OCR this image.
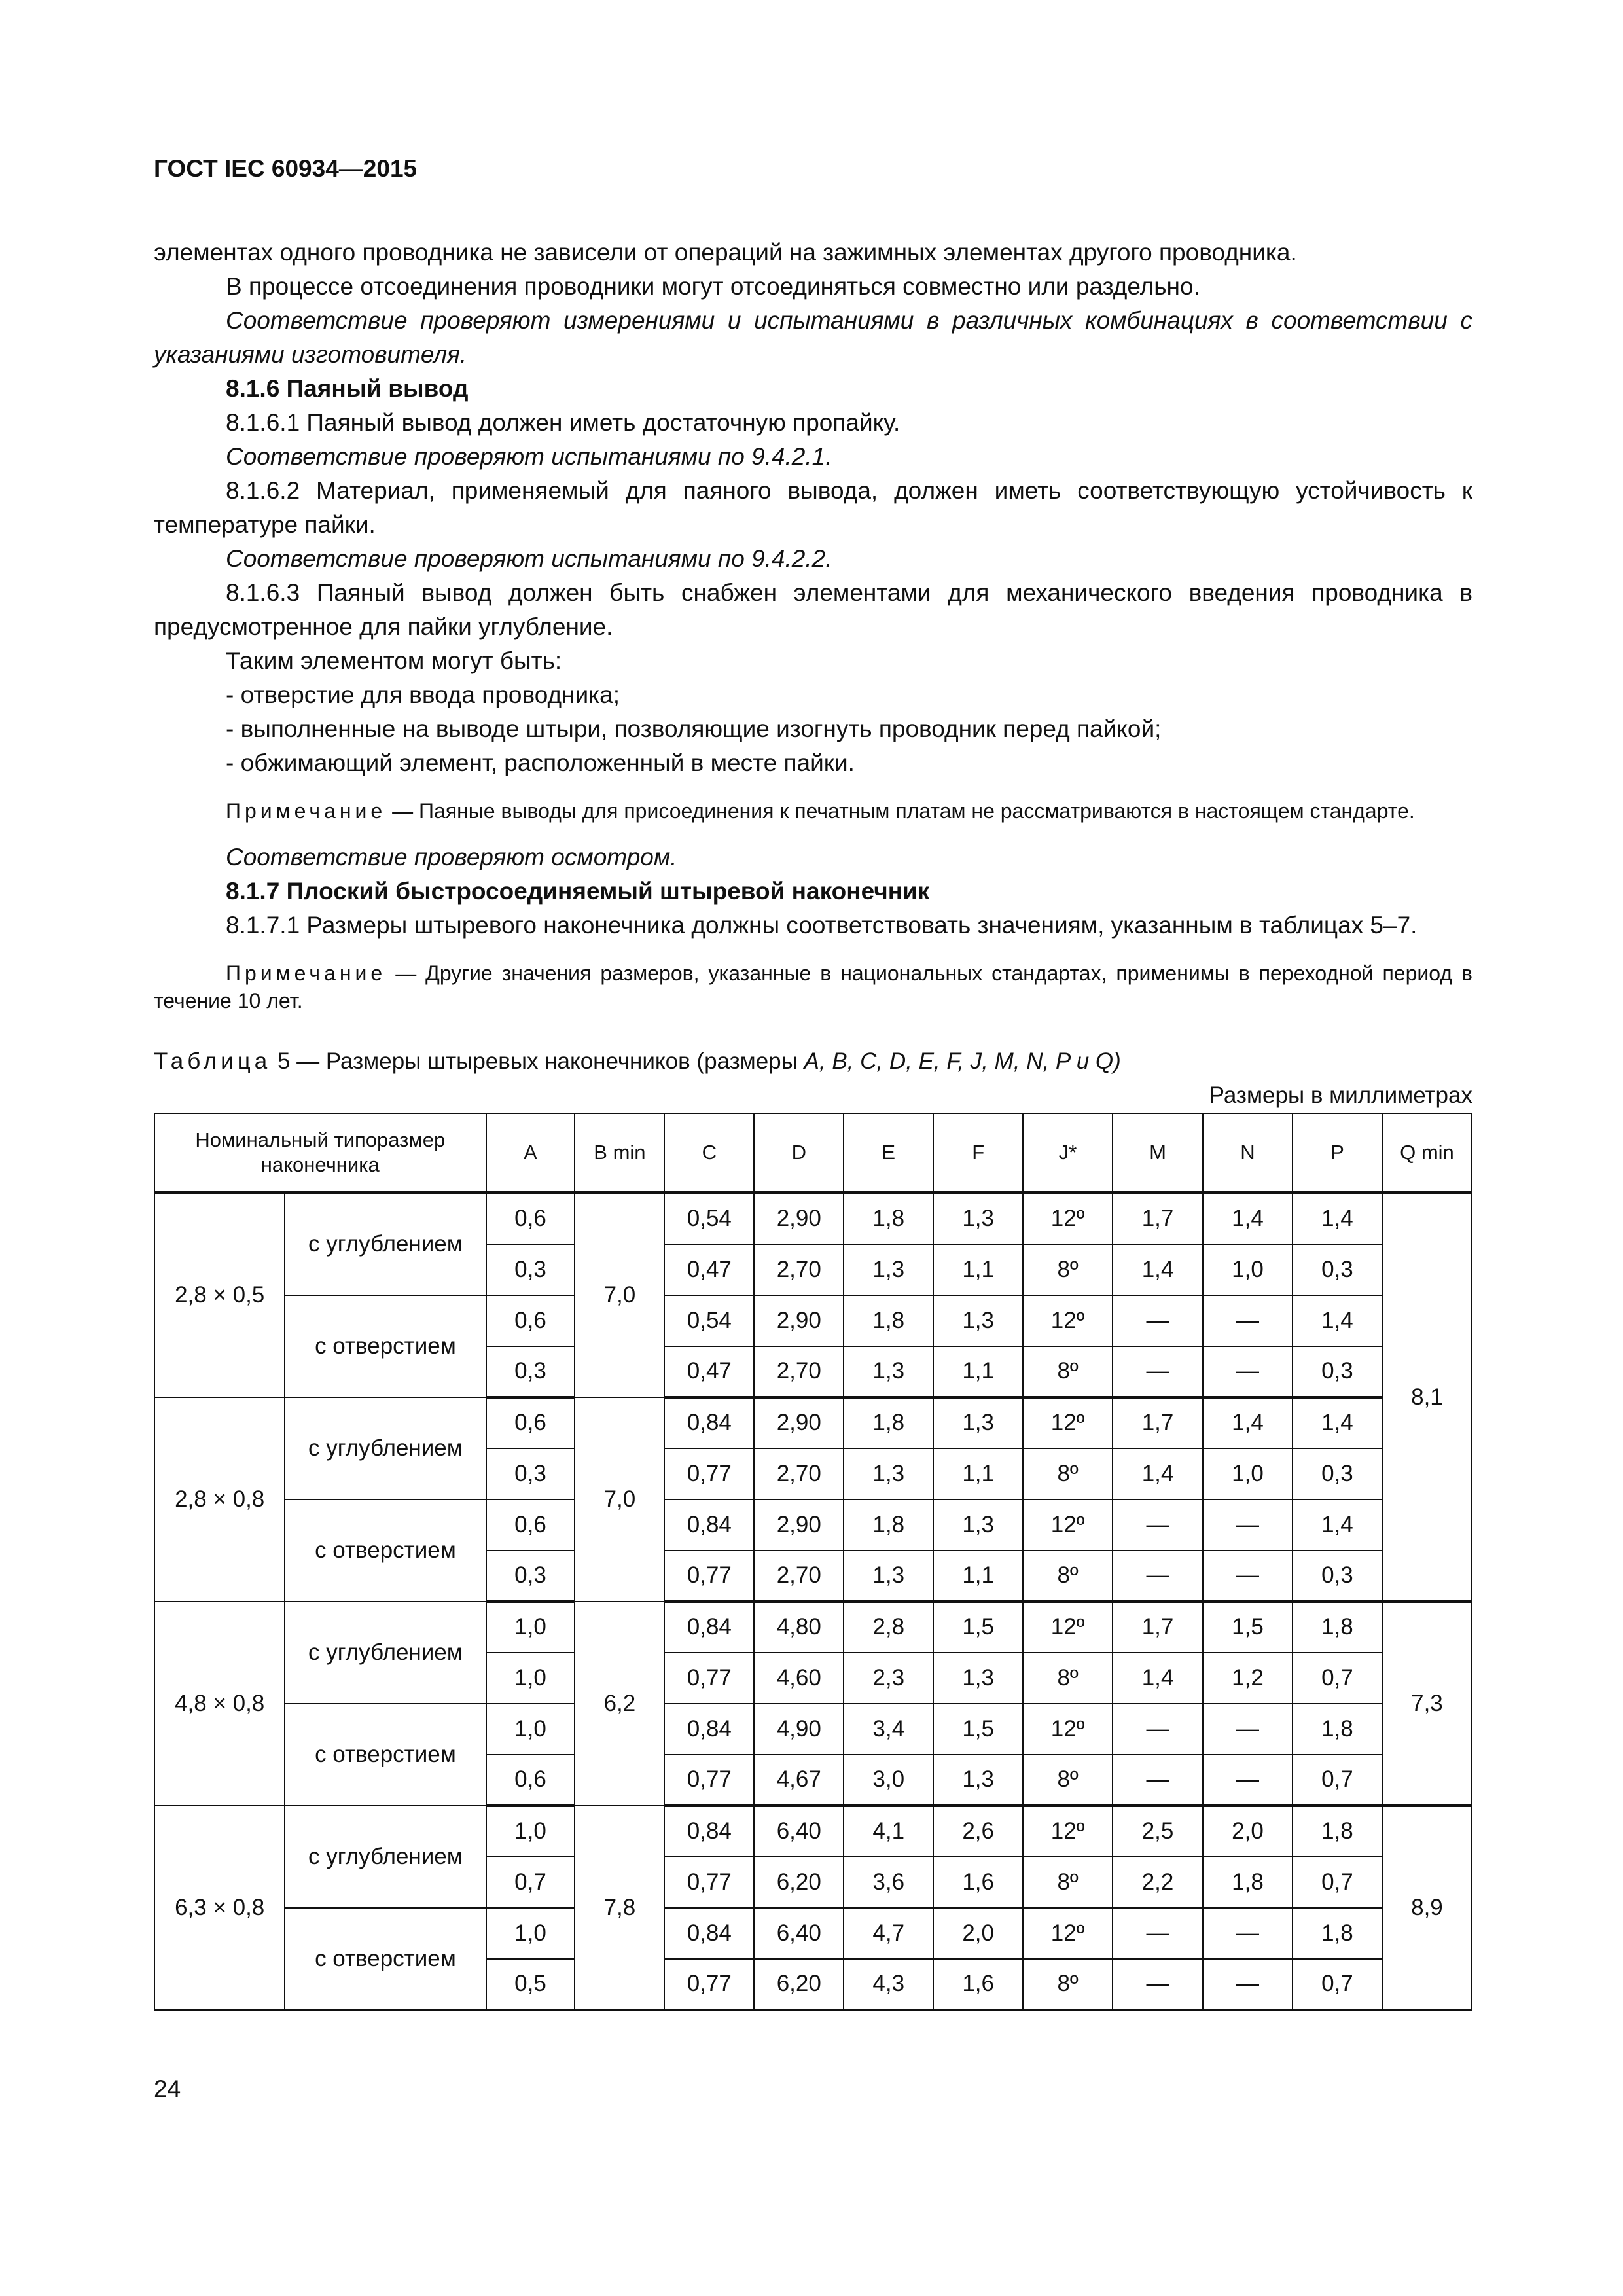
ГОСТ IEC 60934—2015

элементах одного проводника не зависели от операций на зажимных элементах другого проводника.

В процессе отсоединения проводники могут отсоединяться совместно или раздельно.

Соответствие проверяют измерениями и испытаниями в различных комбинациях в соответствии с указаниями изготовителя.

8.1.6 Паяный вывод

8.1.6.1 Паяный вывод должен иметь достаточную пропайку.

Соответствие проверяют испытаниями по 9.4.2.1.

8.1.6.2 Материал, применяемый для паяного вывода, должен иметь соответствующую устойчивость к температуре пайки.

Соответствие проверяют испытаниями по 9.4.2.2.

8.1.6.3 Паяный вывод должен быть снабжен элементами для механического введения проводника в предусмотренное для пайки углубление.

Таким элементом могут быть:

- отверстие для ввода проводника;

- выполненные на выводе штыри, позволяющие изогнуть проводник перед пайкой;

- обжимающий элемент, расположенный в месте пайки.

Примечание — Паяные выводы для присоединения к печатным платам не рассматриваются в настоящем стандарте.

Соответствие проверяют осмотром.

8.1.7 Плоский быстросоединяемый штыревой наконечник

8.1.7.1 Размеры штыревого наконечника должны соответствовать значениям, указанным в таблицах 5–7.

Примечание — Другие значения размеров, указанные в национальных стандартах, применимы в переходной период в течение 10 лет.

Таблица 5 — Размеры штыревых наконечников (размеры A, B, C, D, E, F, J, M, N, P и Q)
Размеры в миллиметрах
Номинальный типоразмер наконечника		A	B min	C	D	E	F	J*	M	N	P	Q min
2,8 × 0,5	с углублением	0,6	7,0	0,54	2,90	1,8	1,3	12º	1,7	1,4	1,4	8,1
		0,3		0,47	2,70	1,3	1,1	8º	1,4	1,0	0,3	
	с отверстием	0,6		0,54	2,90	1,8	1,3	12º	—	—	1,4	
		0,3		0,47	2,70	1,3	1,1	8º	—	—	0,3	
2,8 × 0,8	с углублением	0,6	7,0	0,84	2,90	1,8	1,3	12º	1,7	1,4	1,4	
		0,3		0,77	2,70	1,3	1,1	8º	1,4	1,0	0,3	
	с отверстием	0,6		0,84	2,90	1,8	1,3	12º	—	—	1,4	
		0,3		0,77	2,70	1,3	1,1	8º	—	—	0,3	
4,8 × 0,8	с углублением	1,0	6,2	0,84	4,80	2,8	1,5	12º	1,7	1,5	1,8	7,3
		1,0		0,77	4,60	2,3	1,3	8º	1,4	1,2	0,7	
	с отверстием	1,0		0,84	4,90	3,4	1,5	12º	—	—	1,8	
		0,6		0,77	4,67	3,0	1,3	8º	—	—	0,7	
6,3 × 0,8	с углублением	1,0	7,8	0,84	6,40	4,1	2,6	12º	2,5	2,0	1,8	8,9
		0,7		0,77	6,20	3,6	1,6	8º	2,2	1,8	0,7	
	с отверстием	1,0		0,84	6,40	4,7	2,0	12º	—	—	1,8	
		0,5		0,77	6,20	4,3	1,6	8º	—	—	0,7	
24
